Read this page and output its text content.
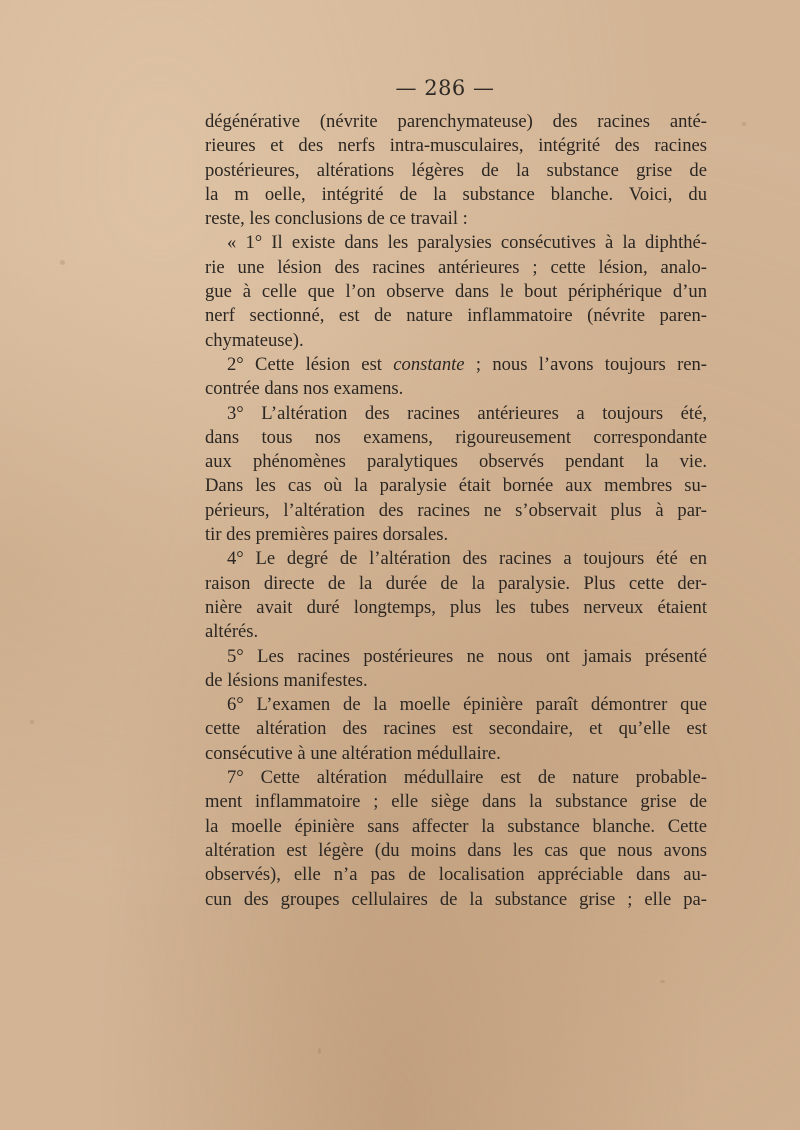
— 286 —
dégénérative (névrite parenchymateuse) des racines anté-
rieures et des nerfs intra-musculaires, intégrité des racines
postérieures, altérations légères de la substance grise de
la m oelle, intégrité de la substance blanche. Voici, du
reste, les conclusions de ce travail :
« 1° Il existe dans les paralysies consécutives à la diphthé-
rie une lésion des racines antérieures ; cette lésion, analo-
gue à celle que l’on observe dans le bout périphérique d’un
nerf sectionné, est de nature inflammatoire (névrite paren-
chymateuse).
2° Cette lésion est constante ; nous l’avons toujours ren-
contrée dans nos examens.
3° L’altération des racines antérieures a toujours été,
dans tous nos examens, rigoureusement correspondante
aux phénomènes paralytiques observés pendant la vie.
Dans les cas où la paralysie était bornée aux membres su-
périeurs, l’altération des racines ne s’observait plus à par-
tir des premières paires dorsales.
4° Le degré de l’altération des racines a toujours été en
raison directe de la durée de la paralysie. Plus cette der-
nière avait duré longtemps, plus les tubes nerveux étaient
altérés.
5° Les racines postérieures ne nous ont jamais présenté
de lésions manifestes.
6° L’examen de la moelle épinière paraît démontrer que
cette altération des racines est secondaire, et qu’elle est
consécutive à une altération médullaire.
7° Cette altération médullaire est de nature probable-
ment inflammatoire ; elle siège dans la substance grise de
la moelle épinière sans affecter la substance blanche. Cette
altération est légère (du moins dans les cas que nous avons
observés), elle n’a pas de localisation appréciable dans au-
cun des groupes cellulaires de la substance grise ; elle pa-
